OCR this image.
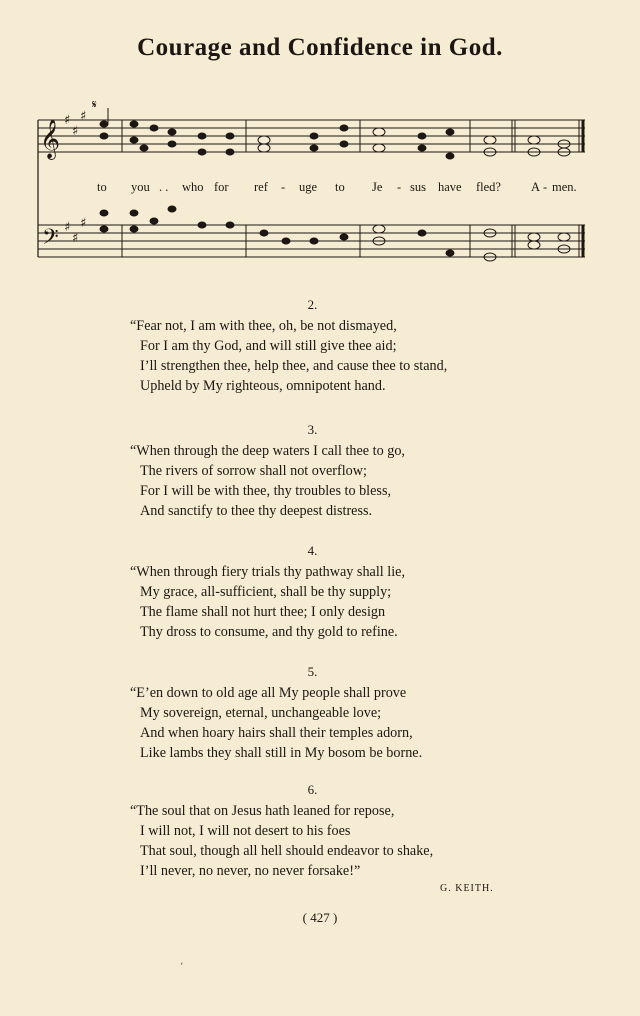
Courage and Confidence in God.
𝄞
𝄢
♯
♯
♯
♯
♯
♯
𝄋
to you . . who for ref - uge to Je - sus have fled? A - men.
2.
“Fear not, I am with thee, oh, be not dismayed,
For I am thy God, and will still give thee aid;
I’ll strengthen thee, help thee, and cause thee to stand,
Upheld by My righteous, omnipotent hand.
3.
“When through the deep waters I call thee to go,
The rivers of sorrow shall not overflow;
For I will be with thee, thy troubles to bless,
And sanctify to thee thy deepest distress.
4.
“When through fiery trials thy pathway shall lie,
My grace, all-sufficient, shall be thy supply;
The flame shall not hurt thee; I only design
Thy dross to consume, and thy gold to refine.
5.
“E’en down to old age all My people shall prove
My sovereign, eternal, unchangeable love;
And when hoary hairs shall their temples adorn,
Like lambs they shall still in My bosom be borne.
6.
“The soul that on Jesus hath leaned for repose,
I will not, I will not desert to his foes
That soul, though all hell should endeavor to shake,
I’ll never, no never, no never forsake!”
G. KEITH.
( 427 )
’
